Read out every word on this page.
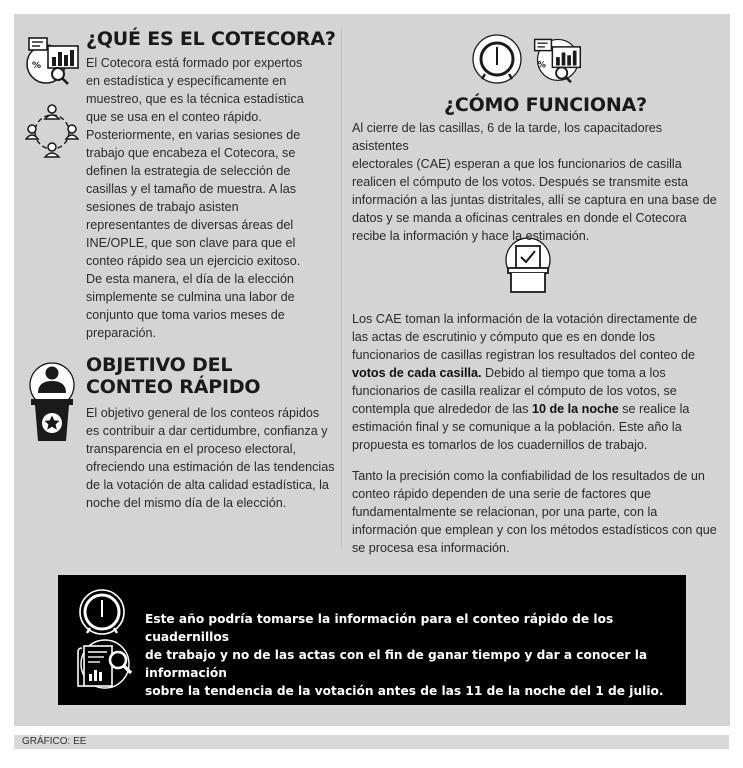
%	%
¿QUÉ ES EL COTECORA?
El Cotecora está formado por expertos
en estadística y específicamente en
muestreo, que es la técnica estadística
que se usa en el conteo rápido.
Posteriormente, en varias sesiones de
trabajo que encabeza el Cotecora, se
definen la estrategia de selección de
casillas y el tamaño de muestra. A las
sesiones de trabajo asisten
representantes de diversas áreas del
INE/OPLE, que son clave para que el
conteo rápido sea un ejercicio exitoso.
De esta manera, el día de la elección
simplemente se culmina una labor de
conjunto que toma varios meses de
preparación.
OBJETIVO DEL
CONTEO RÁPIDO
El objetivo general de los conteos rápidos
es contribuir a dar certidumbre, confianza y
transparencia en el proceso electoral,
ofreciendo una estimación de las tendencias
de la votación de alta calidad estadística, la
noche del mismo día de la elección.
¿CÓMO FUNCIONA?
Al cierre de las casillas, 6 de la tarde, los capacitadores asistentes
electorales (CAE) esperan a que los funcionarios de casilla
realicen el cómputo de los votos. Después se transmite esta
información a las juntas distritales, allí se captura en una base de
datos y se manda a oficinas centrales en donde el Cotecora
recibe la información y hace la estimación.
Los CAE toman la información de la votación directamente de
las actas de escrutinio y cómputo que es en donde los
funcionarios de casillas registran los resultados del conteo de
votos de cada casilla. Debido al tiempo que toma a los
funcionarios de casilla realizar el cómputo de los votos, se
contempla que alrededor de las 10 de la noche se realice la
estimación final y se comunique a la población. Este año la
propuesta es tomarlos de los cuadernillos de trabajo.
Tanto la precisión como la confiabilidad de los resultados de un
conteo rápido dependen de una serie de factores que
fundamentalmente se relacionan, por una parte, con la
información que emplean y con los métodos estadísticos con que
se procesa esa información.
Este año podría tomarse la información para el conteo rápido de los cuadernillos
de trabajo y no de las actas con el fin de ganar tiempo y dar a conocer la información
sobre la tendencia de la votación antes de las 11 de la noche del 1 de julio.
GRÁFICO: EE
